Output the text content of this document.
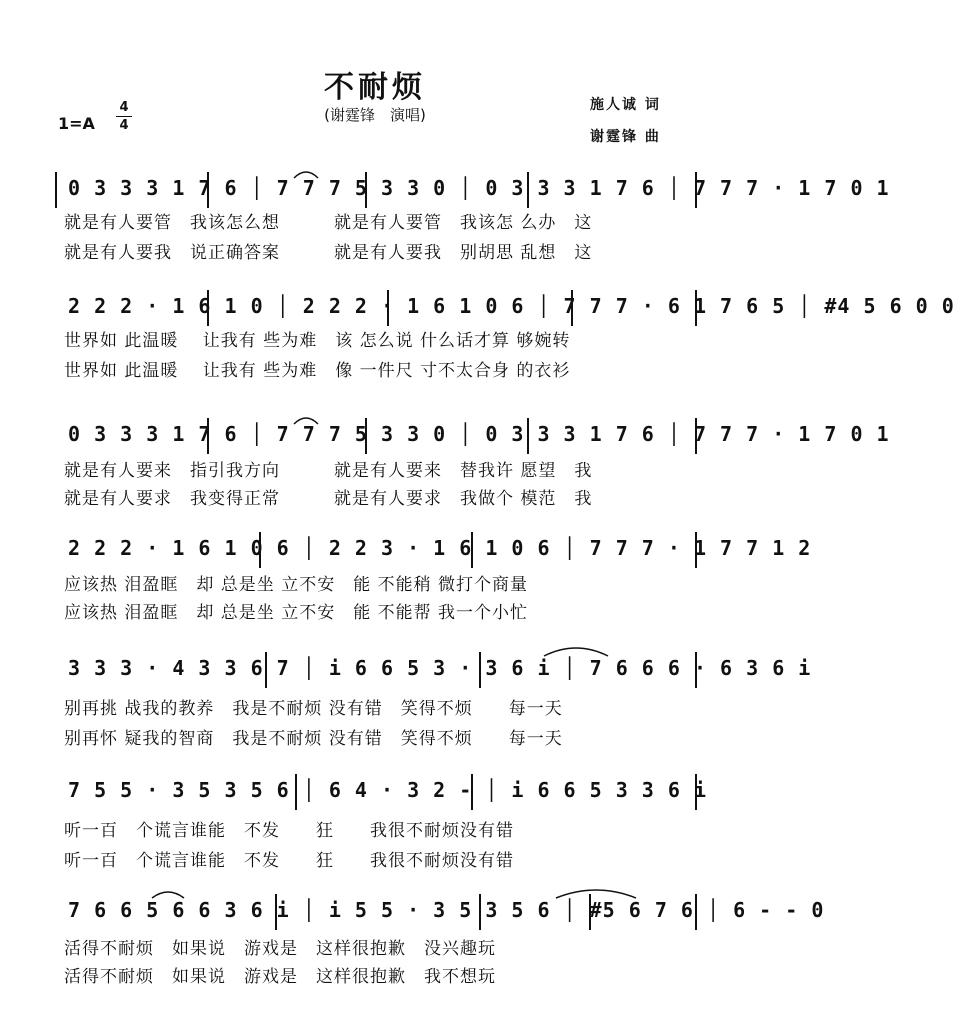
不耐烦
(谢霆锋　演唱)
1=A
4
4
施人诚 词
谢霆锋 曲
0 3 3 3 1 7 6 │ 7 7 7 5 3 3 0 │ 0 3 3 3 1 7 6 │ 7 7 7 · 1 7 0 1
就是有人要管　我该怎么想　　　就是有人要管　我该怎 么办　这
就是有人要我　说正确答案　　　就是有人要我　别胡思 乱想　这
2 2 2 · 1 6 1 0 │ 2 2 2 · 1 6 1 0 6 │ 7 7 7 · 6 1 7 6 5 │ #4 5 6 0 0
世界如 此温暖　 让我有 些为难　该 怎么说 什么话才算 够婉转
世界如 此温暖　 让我有 些为难　像 一件尺 寸不太合身 的衣衫
0 3 3 3 1 7 6 │ 7 7 7 5 3 3 0 │ 0 3 3 3 1 7 6 │ 7 7 7 · 1 7 0 1
就是有人要来　指引我方向　　　就是有人要来　替我许 愿望　我
就是有人要求　我变得正常　　　就是有人要求　我做个 模范　我
2 2 2 · 1 6 1 0 6 │ 2 2 3 · 1 6 1 0 6 │ 7 7 7 · 1 7 7 1 2
应该热 泪盈眶　却 总是坐 立不安　能 不能稍 微打个商量
应该热 泪盈眶　却 总是坐 立不安　能 不能帮 我一个小忙
3 3 3 · 4 3 3 6 7 │ i 6 6 5 3 · 3 6 i │ 7 6 6 6 · 6 3 6 i
别再挑 战我的教养　我是不耐烦 没有错　笑得不烦　　每一天
别再怀 疑我的智商　我是不耐烦 没有错　笑得不烦　　每一天
7 5 5 · 3 5 3 5 6 │ 6 4 · 3 2 - │ i 6 6 5 3 3 6 i
听一百　个谎言谁能　不发　　狂　　我很不耐烦没有错
听一百　个谎言谁能　不发　　狂　　我很不耐烦没有错
7 6 6 5 6 6 3 6 i │ i 5 5 · 3 5 3 5 6 │ #5 6 7 6 │ 6 - - 0
活得不耐烦　如果说　游戏是　这样很抱歉　没兴趣玩
活得不耐烦　如果说　游戏是　这样很抱歉　我不想玩
